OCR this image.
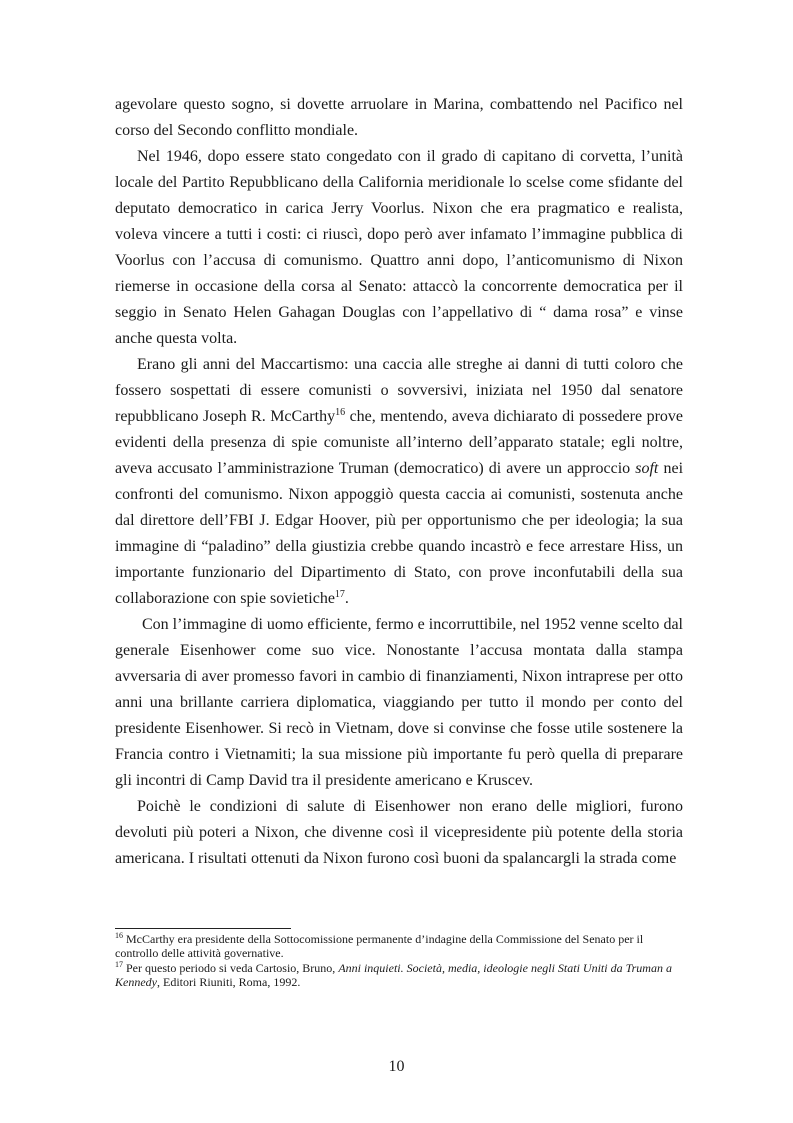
agevolare questo sogno, si dovette arruolare in Marina, combattendo nel Pacifico nel corso del Secondo conflitto mondiale.

Nel 1946, dopo essere stato congedato con il grado di capitano di corvetta, l’unità locale del Partito Repubblicano della California meridionale lo scelse come sfidante del deputato democratico in carica Jerry Voorlus. Nixon che era pragmatico e realista, voleva vincere a tutti i costi: ci riuscì, dopo però aver infamato l’immagine pubblica di Voorlus con l’accusa di comunismo. Quattro anni dopo, l’anticomunismo di Nixon riemerse in occasione della corsa al Senato: attaccò la concorrente democratica per il seggio in Senato Helen Gahagan Douglas con l’appellativo di “ dama rosa” e vinse anche questa volta.

Erano gli anni del Maccartismo: una caccia alle streghe ai danni di tutti coloro che fossero sospettati di essere comunisti o sovversivi, iniziata nel 1950 dal senatore repubblicano Joseph R. McCarthy$^{16}$ che, mentendo, aveva dichiarato di possedere prove evidenti della presenza di spie comuniste all’interno dell’apparato statale; egli noltre, aveva accusato l’amministrazione Truman (democratico) di avere un approccio soft nei confronti del comunismo. Nixon appoggiò questa caccia ai comunisti, sostenuta anche dal direttore dell’FBI J. Edgar Hoover, più per opportunismo che per ideologia; la sua immagine di “paladino” della giustizia crebbe quando incastrò e fece arrestare Hiss, un importante funzionario del Dipartimento di Stato, con prove inconfutabili della sua collaborazione con spie sovietiche$^{17}$.

Con l’immagine di uomo efficiente, fermo e incorruttibile, nel 1952 venne scelto dal generale Eisenhower come suo vice. Nonostante l’accusa montata dalla stampa avversaria di aver promesso favori in cambio di finanziamenti, Nixon intraprese per otto anni una brillante carriera diplomatica, viaggiando per tutto il mondo per conto del presidente Eisenhower. Si recò in Vietnam, dove si convinse che fosse utile sostenere la Francia contro i Vietnamiti; la sua missione più importante fu però quella di preparare gli incontri di Camp David tra il presidente americano e Kruscev.

Poichè le condizioni di salute di Eisenhower non erano delle migliori, furono devoluti più poteri a Nixon, che divenne così il vicepresidente più potente della storia americana. I risultati ottenuti da Nixon furono così buoni da spalancargli la strada come

$^{16}$ McCarthy era presidente della Sottocomissione permanente d’indagine della Commissione del Senato per il controllo delle attività governative.

$^{17}$ Per questo periodo si veda Cartosio, Bruno, Anni inquieti. Società, media, ideologie negli Stati Uniti da Truman a Kennedy, Editori Riuniti, Roma, 1992.

10
